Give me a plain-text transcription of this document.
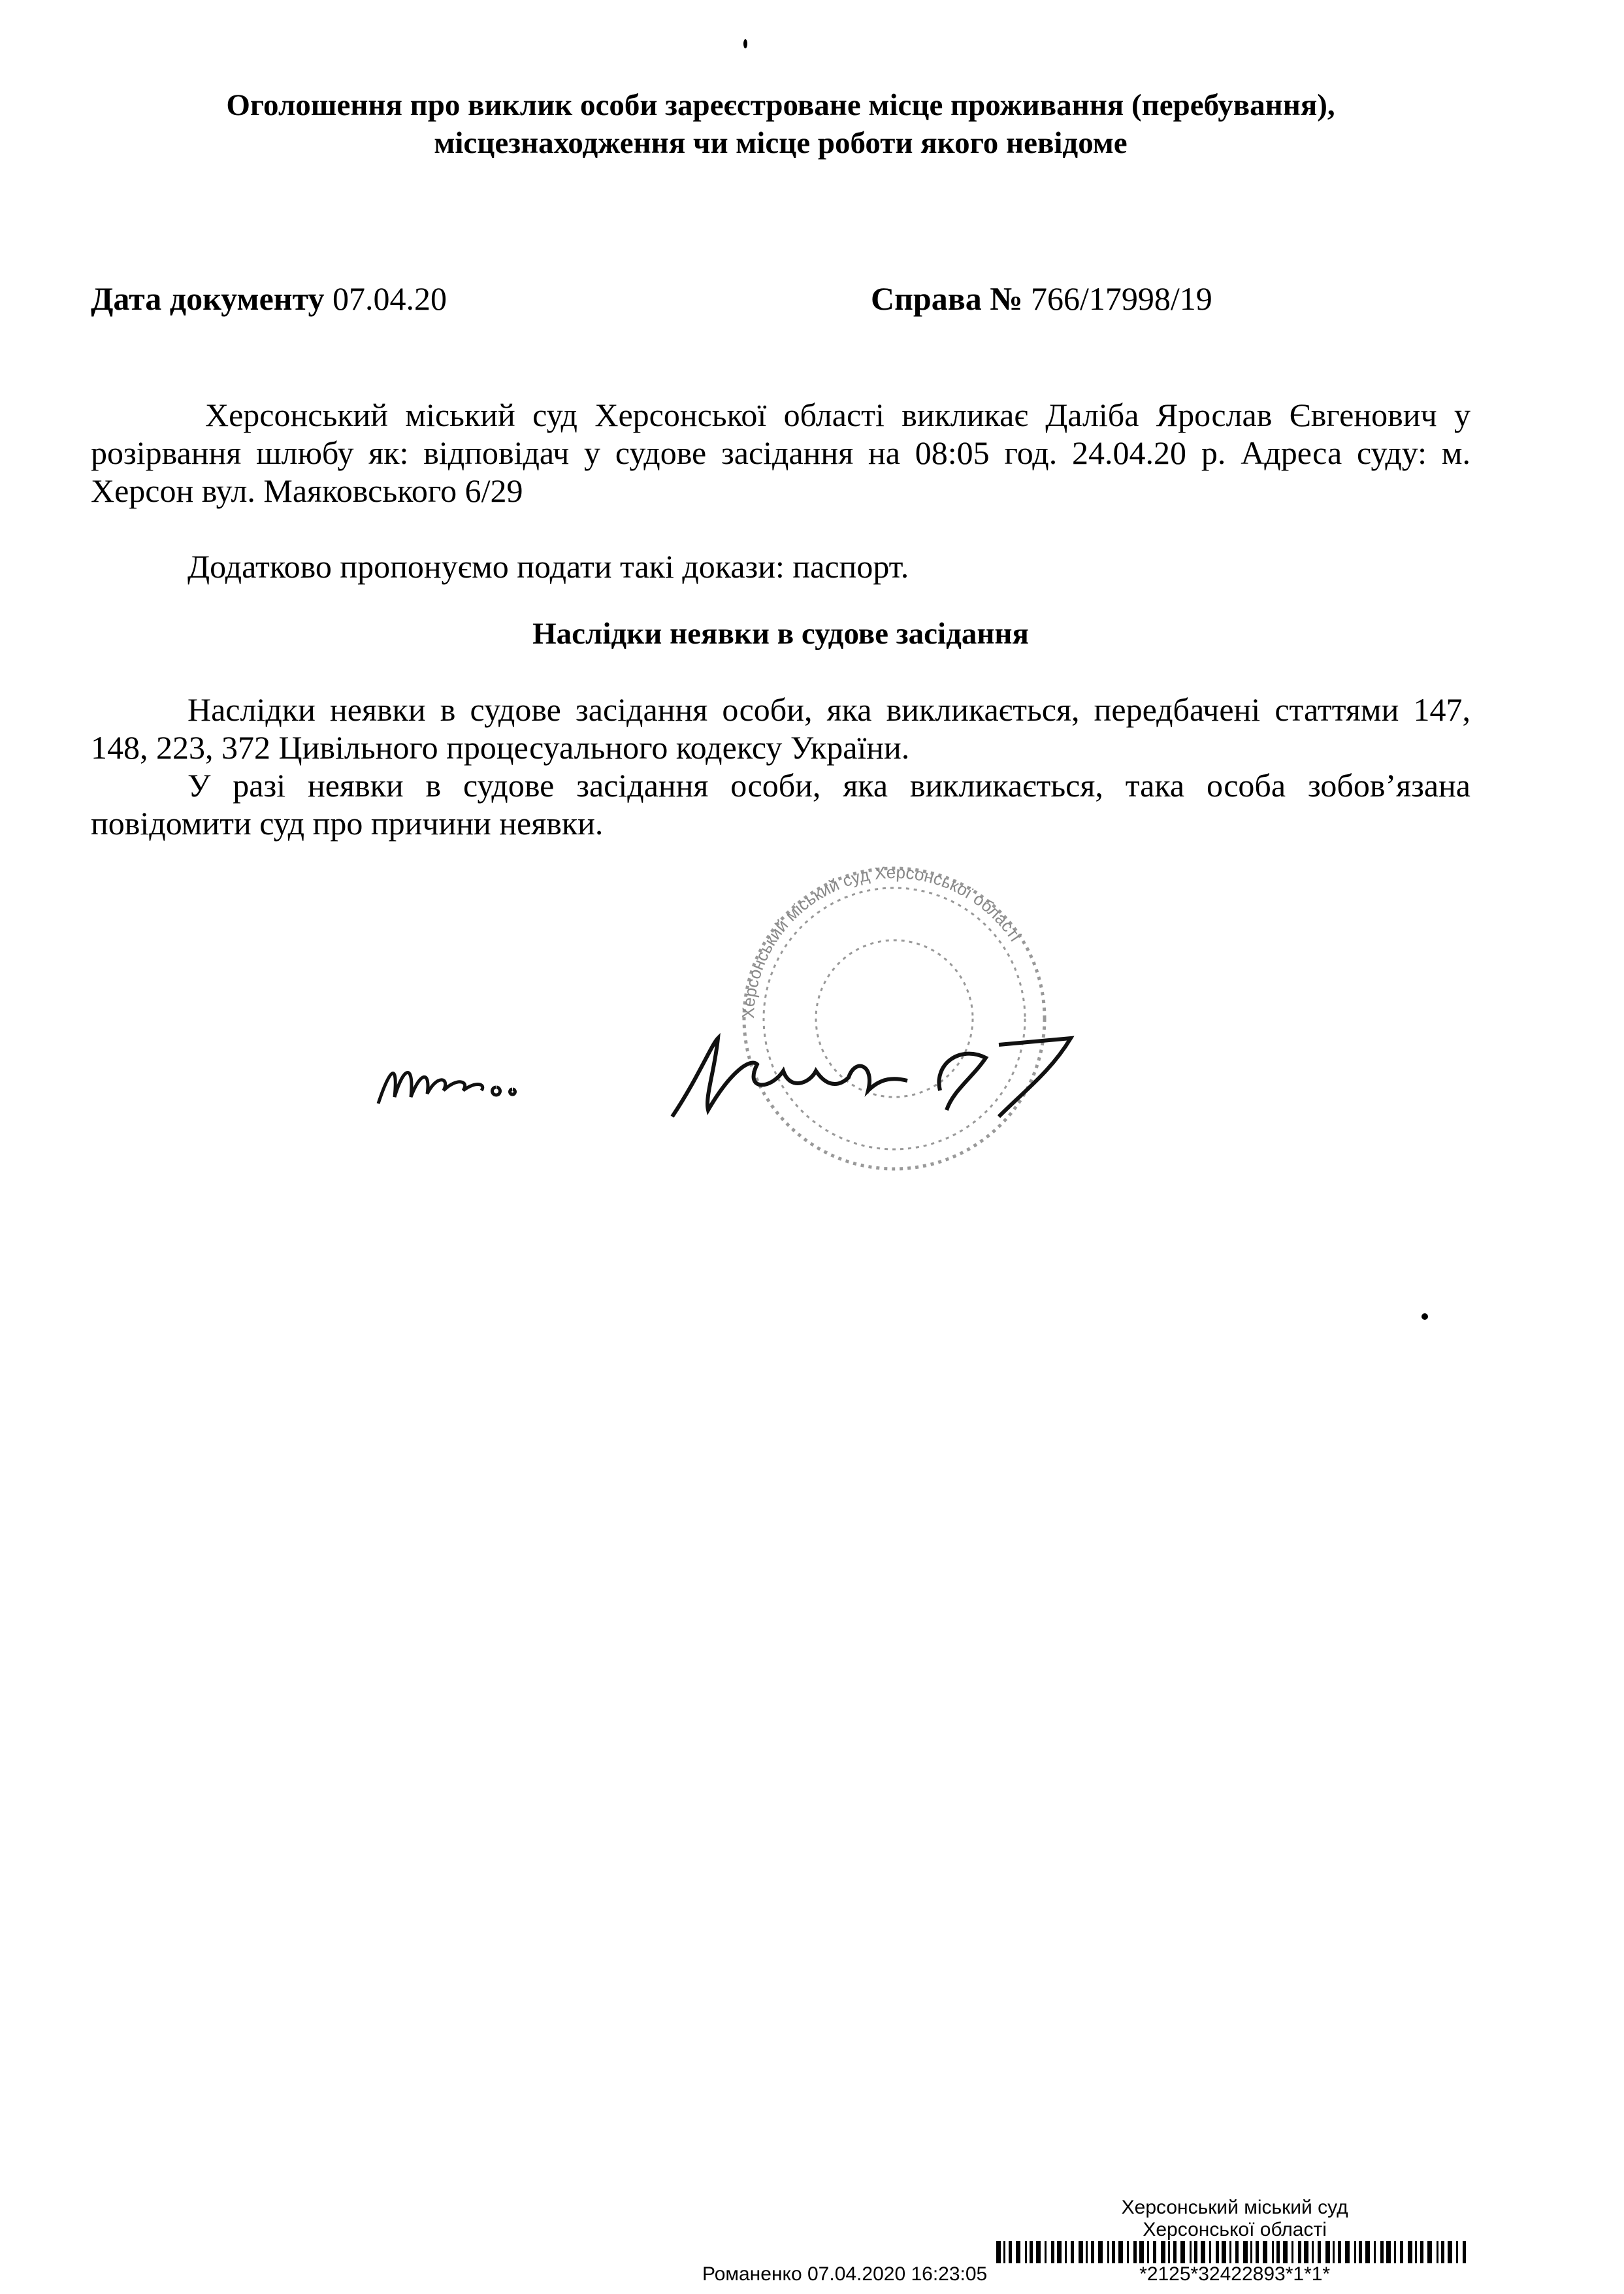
Оголошення про виклик особи зареєстроване місце проживання (перебування),
місцезнаходження чи місце роботи якого невідоме
Дата документу 07.04.20	Справа № 766/17998/19
Херсонський міський суд Херсонської області викликає Даліба Ярослав Євгенович у розірвання шлюбу як: відповідач у судове засідання на 08:05 год. 24.04.20 р. Адреса суду: м. Херсон вул. Маяковського 6/29
Додатково пропонуємо подати такі докази: паспорт.
Наслідки неявки в судове засідання
Наслідки неявки в судове засідання особи, яка викликається, передбачені статтями 147, 148, 223, 372 Цивільного процесуального кодексу України.
У разі неявки в судове засідання особи, яка викликається, така особа зобов’язана повідомити суд про причини неявки.
Херсонський міський суд Херсонської області
Романенко 07.04.2020 16:23:05
Херсонський міський суд
Херсонської області
*2125*32422893*1*1*
